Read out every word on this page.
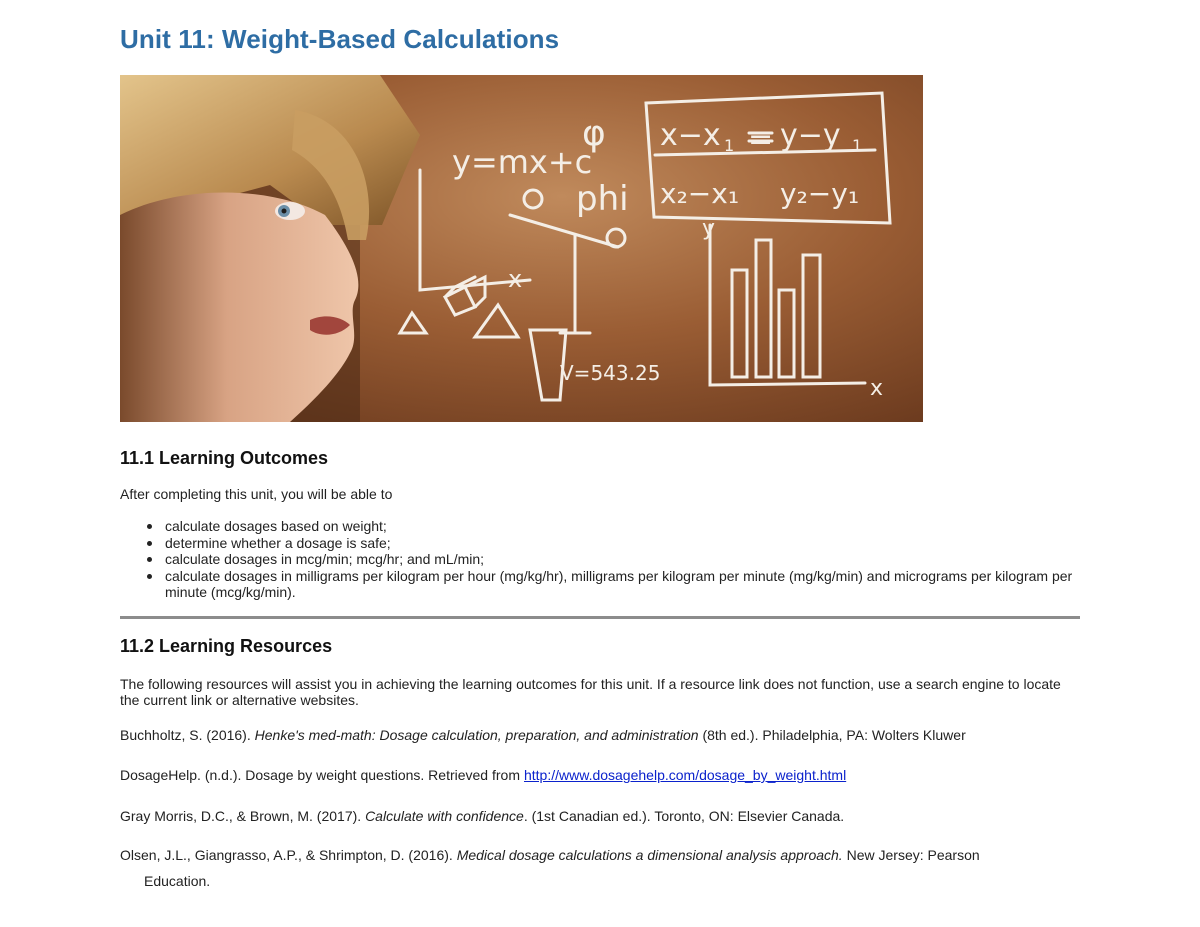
Unit 11: Weight-Based Calculations
y=mx+c
φ
phi
V=543.25
x
y
x
x−x 1 = y−y 1
x₂−x₁ y₂−y₁
11.1 Learning Outcomes

After completing this unit, you will be able to

calculate dosages based on weight;
determine whether a dosage is safe;
calculate dosages in mcg/min; mcg/hr; and mL/min;
calculate dosages in milligrams per kilogram per hour (mg/kg/hr), milligrams per kilogram per minute (mg/kg/min) and micrograms per kilogram per minute (mcg/kg/min).
11.2 Learning Resources

The following resources will assist you in achieving the learning outcomes for this unit. If a resource link does not function, use a search engine to locate the current link or alternative websites.

Buchholtz, S. (2016). Henke's med-math: Dosage calculation, preparation, and administration (8th ed.). Philadelphia, PA: Wolters Kluwer

DosageHelp. (n.d.). Dosage by weight questions. Retrieved from http://www.dosagehelp.com/dosage_by_weight.html

Gray Morris, D.C., & Brown, M. (2017). Calculate with confidence. (1st Canadian ed.). Toronto, ON: Elsevier Canada.

Olsen, J.L., Giangrasso, A.P., & Shrimpton, D. (2016). Medical dosage calculations a dimensional analysis approach. New Jersey: Pearson
Education.
